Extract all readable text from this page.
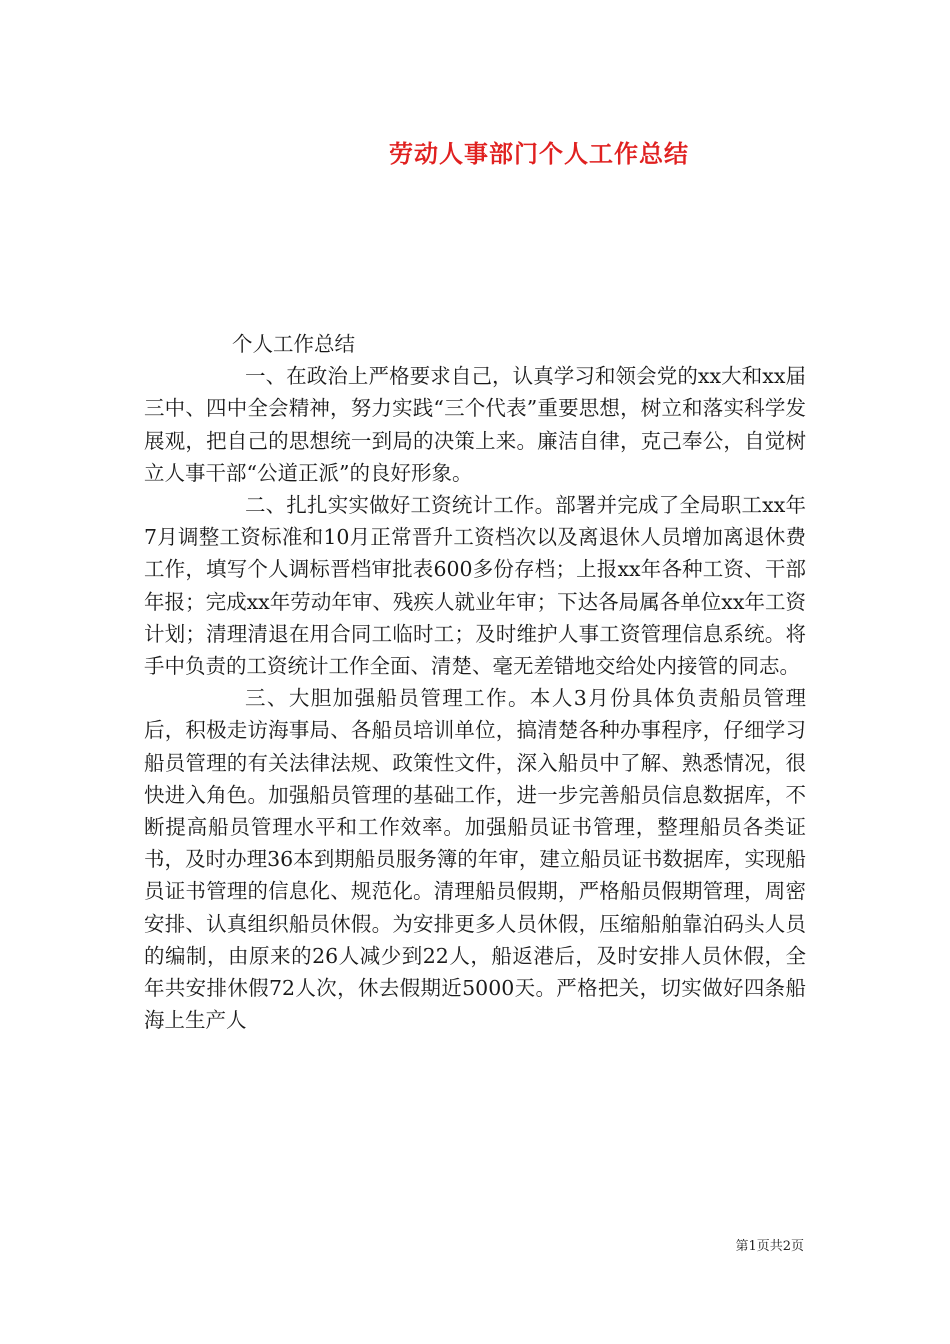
劳动人事部门个人工作总结

个人工作总结

一、在政治上严格要求自己，认真学习和领会党的xx大和xx届三中、四中全会精神，努力实践“三个代表”重要思想，树立和落实科学发展观，把自己的思想统一到局的决策上来。廉洁自律，克己奉公，自觉树立人事干部“公道正派”的良好形象。

二、扎扎实实做好工资统计工作。部署并完成了全局职工xx年7月调整工资标准和10月正常晋升工资档次以及离退休人员增加离退休费工作，填写个人调标晋档审批表600多份存档；上报xx年各种工资、干部年报；完成xx年劳动年审、残疾人就业年审；下达各局属各单位xx年工资计划；清理清退在用合同工临时工；及时维护人事工资管理信息系统。将手中负责的工资统计工作全面、清楚、毫无差错地交给处内接管的同志。

三、大胆加强船员管理工作。本人3月份具体负责船员管理后，积极走访海事局、各船员培训单位，搞清楚各种办事程序，仔细学习船员管理的有关法律法规、政策性文件，深入船员中了解、熟悉情况，很快进入角色。加强船员管理的基础工作，进一步完善船员信息数据库，不断提高船员管理水平和工作效率。加强船员证书管理，整理船员各类证书，及时办理36本到期船员服务簿的年审，建立船员证书数据库，实现船员证书管理的信息化、规范化。清理船员假期，严格船员假期管理，周密安排、认真组织船员休假。为安排更多人员休假，压缩船舶靠泊码头人员的编制，由原来的26人减少到22人，船返港后，及时安排人员休假，全年共安排休假72人次，休去假期近5000天。严格把关，切实做好四条船海上生产人

第1页共2页
